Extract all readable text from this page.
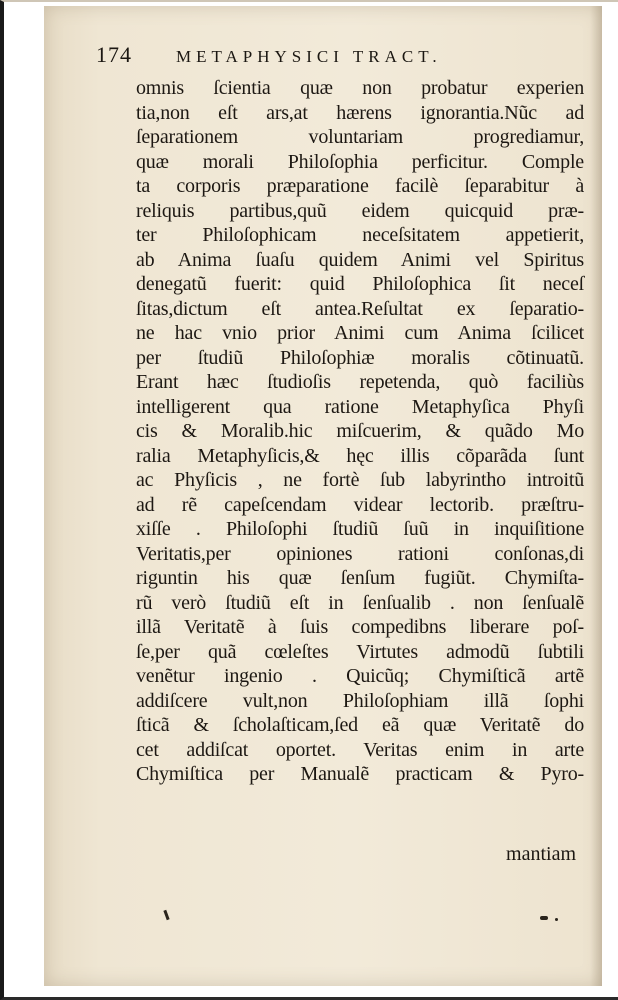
174	METAPHYSICI TRACT.
omnis ſcientia quæ non probatur experien
tia,non eſt ars,at hærens ignorantia.Nũc ad
ſeparationem voluntariam progrediamur,
quæ morali Philoſophia perficitur. Comple
ta corporis præparatione facilè ſeparabitur à
reliquis partibus,quũ eidem quicquid præ-
ter Philoſophicam neceſsitatem appetierit,
ab Anima ſuaſu quidem Animi vel Spiritus
denegatũ fuerit: quid Philoſophica ſit neceſ
ſitas,dictum eſt antea.Reſultat ex ſeparatio-
ne hac vnio prior Animi cum Anima ſcilicet
per ſtudiũ Philoſophiæ moralis cõtinuatũ.
Erant hæc ſtudioſis repetenda, quò faciliùs
intelligerent qua ratione Metaphyſica Phyſi
cis & Moralib.hic miſcuerim, & quãdo Mo
ralia Metaphyſicis,& hęc illis cõparãda ſunt
ac Phyſicis , ne fortè ſub labyrintho introitũ
ad rẽ capeſcendam videar lectorib. præſtru-
xiſſe . Philoſophi ſtudiũ ſuũ in inquiſitione
Veritatis,per opiniones rationi conſonas,di
riguntin his quæ ſenſum fugiũt. Chymiſta-
rũ verò ſtudiũ eſt in ſenſualib . non ſenſualẽ
illã Veritatẽ à ſuis compedibns liberare poſ-
ſe,per quã cœleſtes Virtutes admodũ ſubtili
venẽtur ingenio . Quicũq; Chymiſticã artẽ
addiſcere vult,non Philoſophiam illã ſophi
ſticã & ſcholaſticam,ſed eã quæ Veritatẽ do
cet addiſcat oportet. Veritas enim in arte
Chymiſtica per Manualẽ practicam & Pyro-
mantiam
